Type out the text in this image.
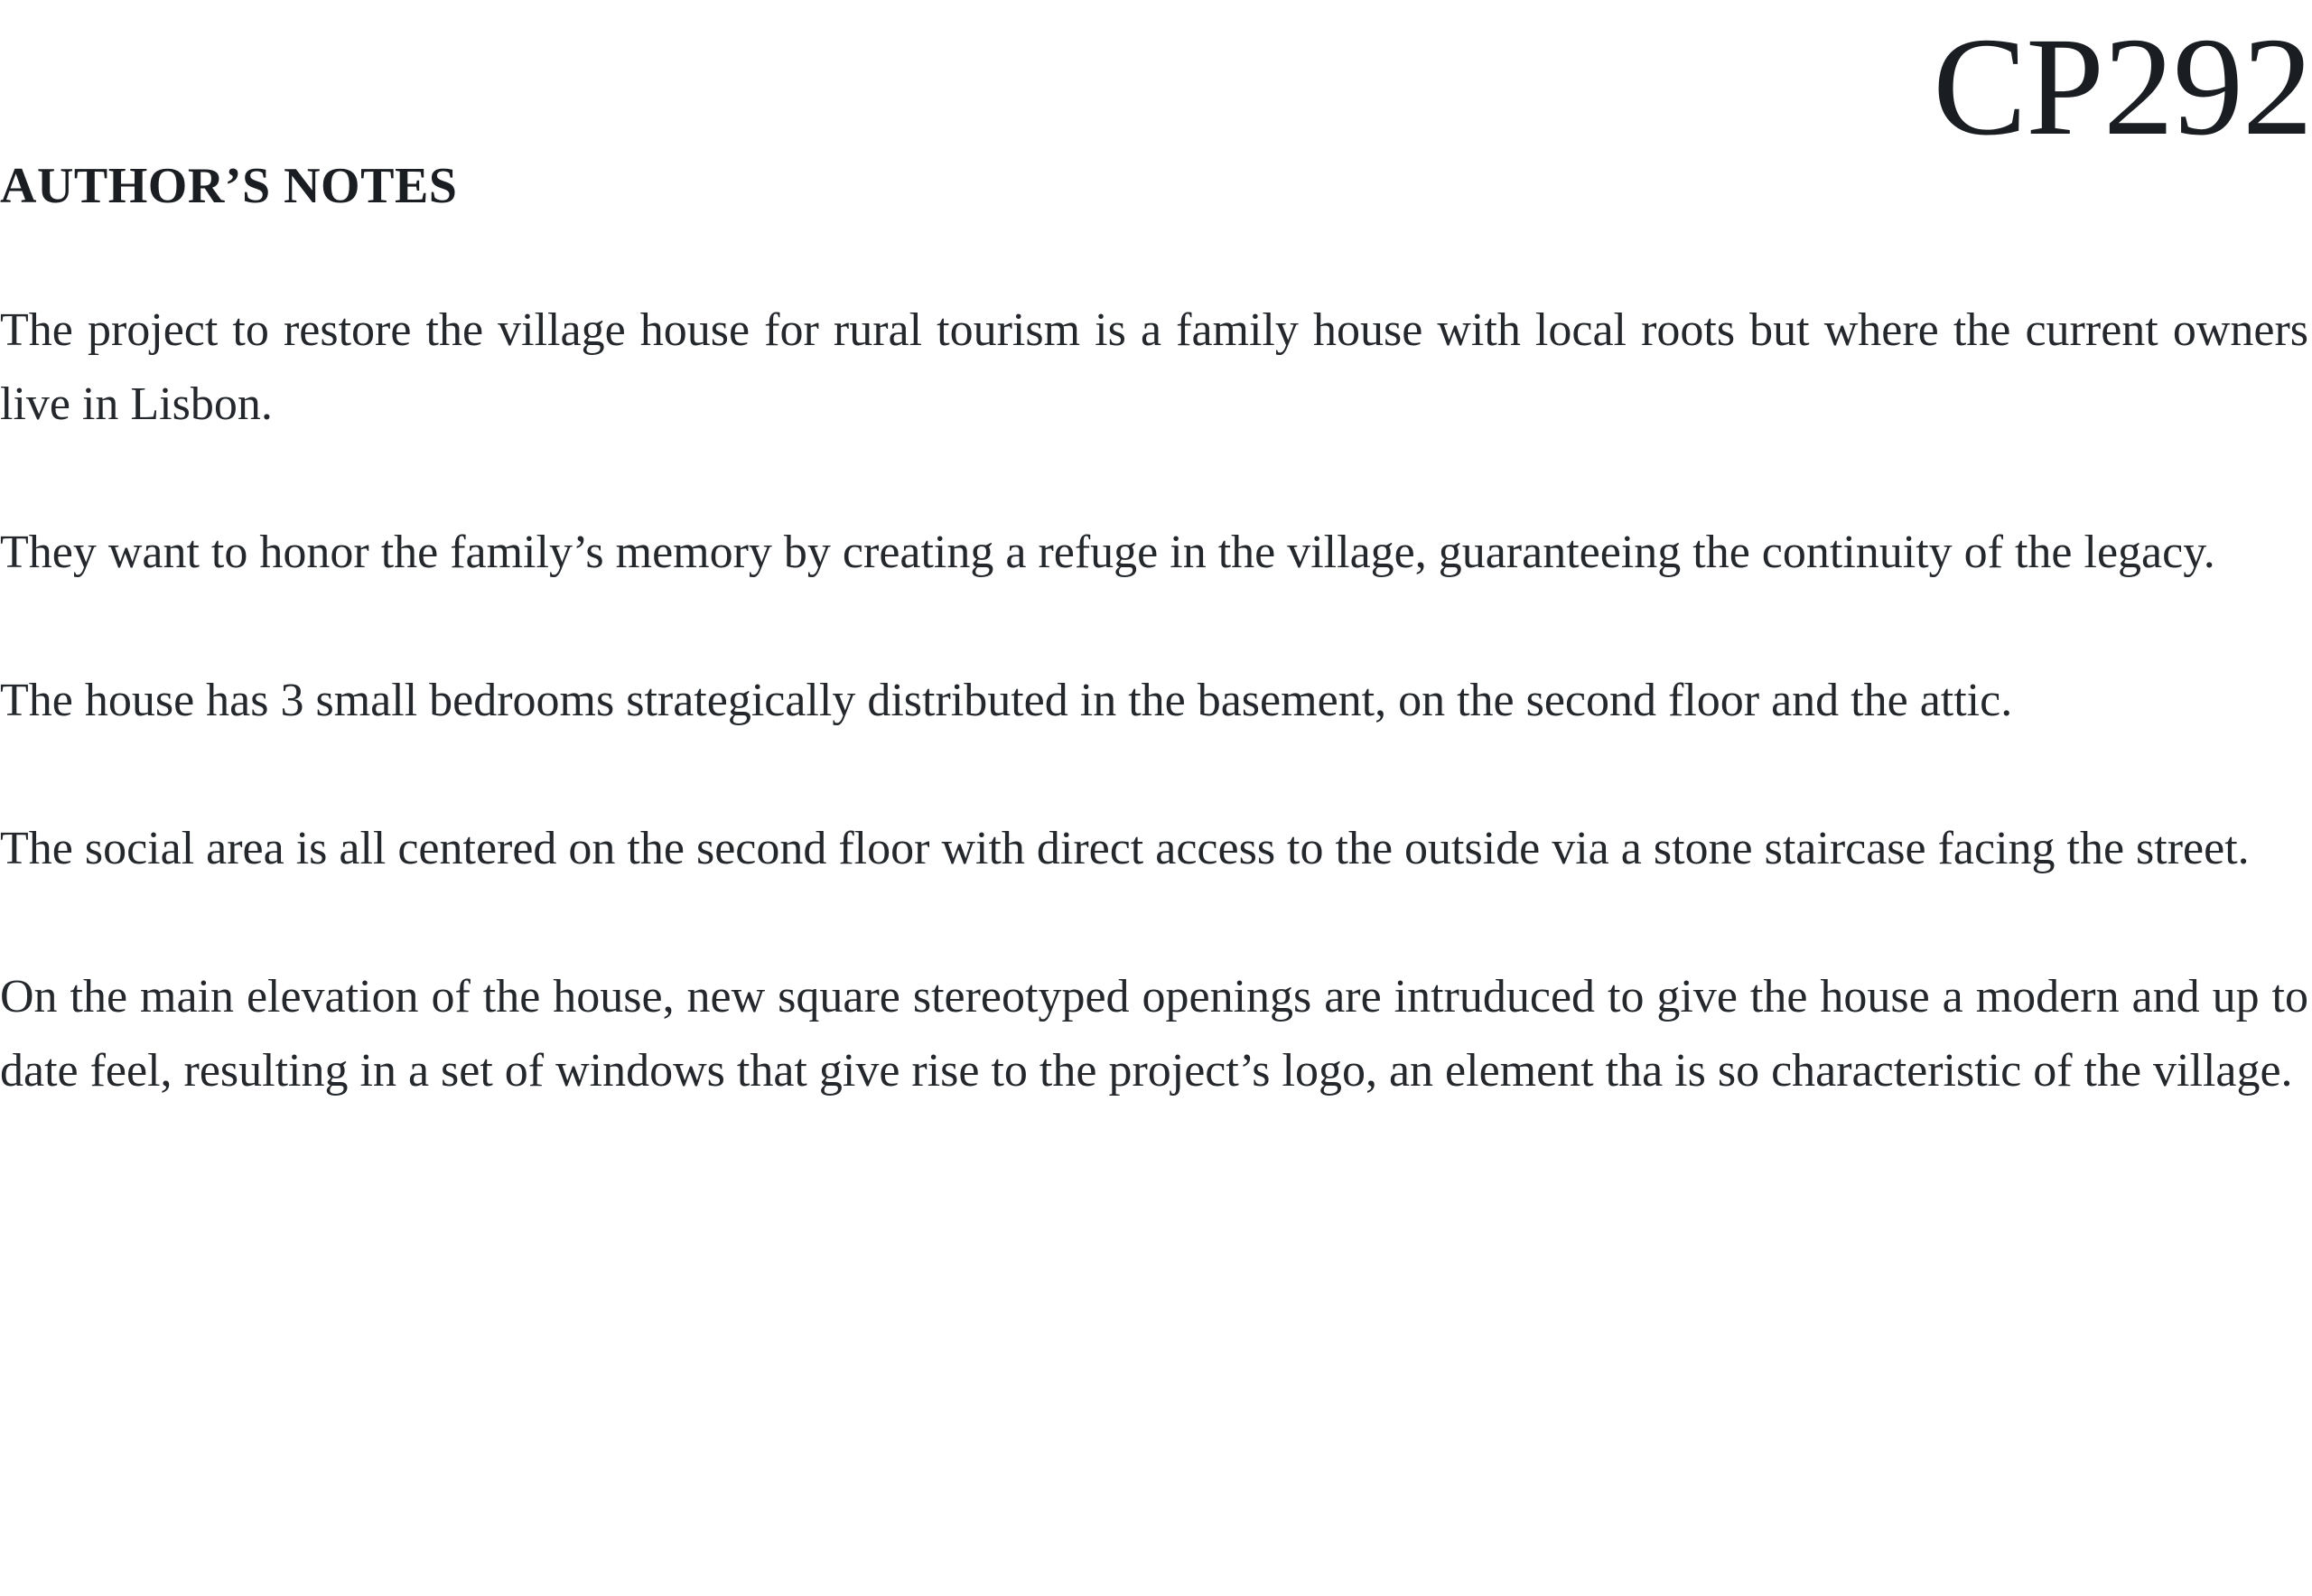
CP292
AUTHOR’S NOTES

The project to restore the village house for rural tourism is a family house with local roots but where the current owners live in Lisbon.

They want to honor the family’s memory by creating a refuge in the village, guaranteeing the continuity of the legacy.

The house has 3 small bedrooms strategically distributed in the basement, on the second floor and the attic.

The social area is all centered on the second floor with direct access to the outside via a stone staircase facing the street.

On the main elevation of the house, new square stereotyped openings are intruduced to give the house a modern and up to date feel, resulting in a set of windows that give rise to the project’s logo, an element tha is so characteristic of the village.
